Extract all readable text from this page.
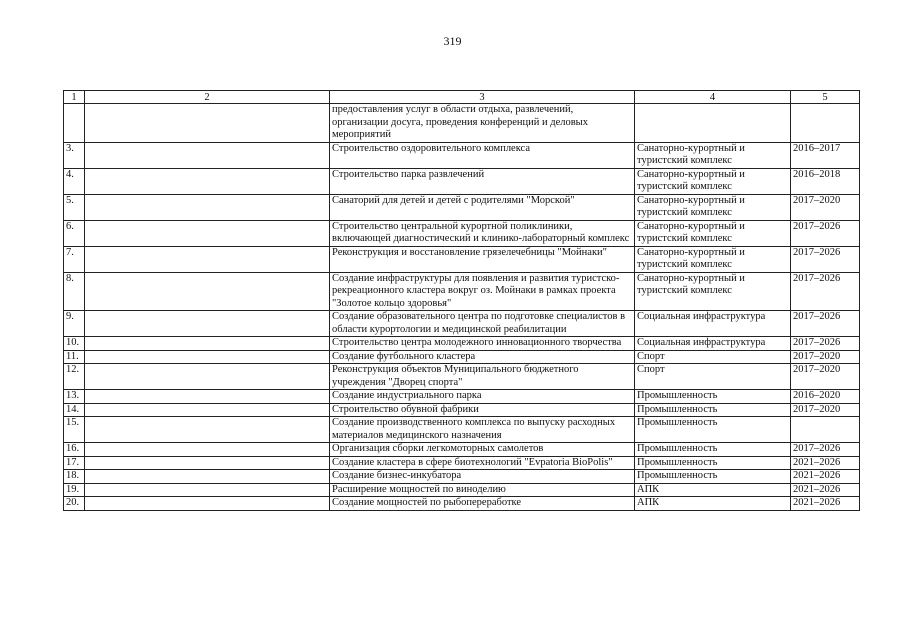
319
1	2	3	4	5
		предоставления услуг в области отдыха, развлечений, организации досуга, проведения конференций и деловых мероприятий		
3.		Строительство оздоровительного комплекса	Санаторно-курортный и туристский комплекс	2016–2017
4.		Строительство парка развлечений	Санаторно-курортный и туристский комплекс	2016–2018
5.		Санаторий для детей и детей с родителями "Морской"	Санаторно-курортный и туристский комплекс	2017–2020
6.		Строительство центральной курортной поликлиники, включающей диагностический и клинико-лабораторный комплекс	Санаторно-курортный и туристский комплекс	2017–2026
7.		Реконструкция и восстановление грязелечебницы "Мойнаки"	Санаторно-курортный и туристский комплекс	2017–2026
8.		Создание инфраструктуры для появления и развития туристско-рекреационного кластера вокруг оз. Мойнаки в рамках проекта "Золотое кольцо здоровья"	Санаторно-курортный и туристский комплекс	2017–2026
9.		Создание образовательного центра по подготовке специалистов в области курортологии и медицинской реабилитации	Социальная инфраструктура	2017–2026
10.		Строительство центра молодежного инновационного творчества	Социальная инфраструктура	2017–2026
11.		Создание футбольного кластера	Спорт	2017–2020
12.		Реконструкция объектов Муниципального бюджетного учреждения "Дворец спорта"	Спорт	2017–2020
13.		Создание индустриального парка	Промышленность	2016–2020
14.		Строительство обувной фабрики	Промышленность	2017–2020
15.		Создание производственного комплекса по выпуску расходных материалов медицинского назначения	Промышленность	
16.		Организация сборки легкомоторных самолетов	Промышленность	2017–2026
17.		Создание кластера в сфере биотехнологий "Evpatoria BioPolis"	Промышленность	2021–2026
18.		Создание бизнес-инкубатора	Промышленность	2021–2026
19.		Расширение мощностей по виноделию	АПК	2021–2026
20.		Создание мощностей по рыбопереработке	АПК	2021–2026
